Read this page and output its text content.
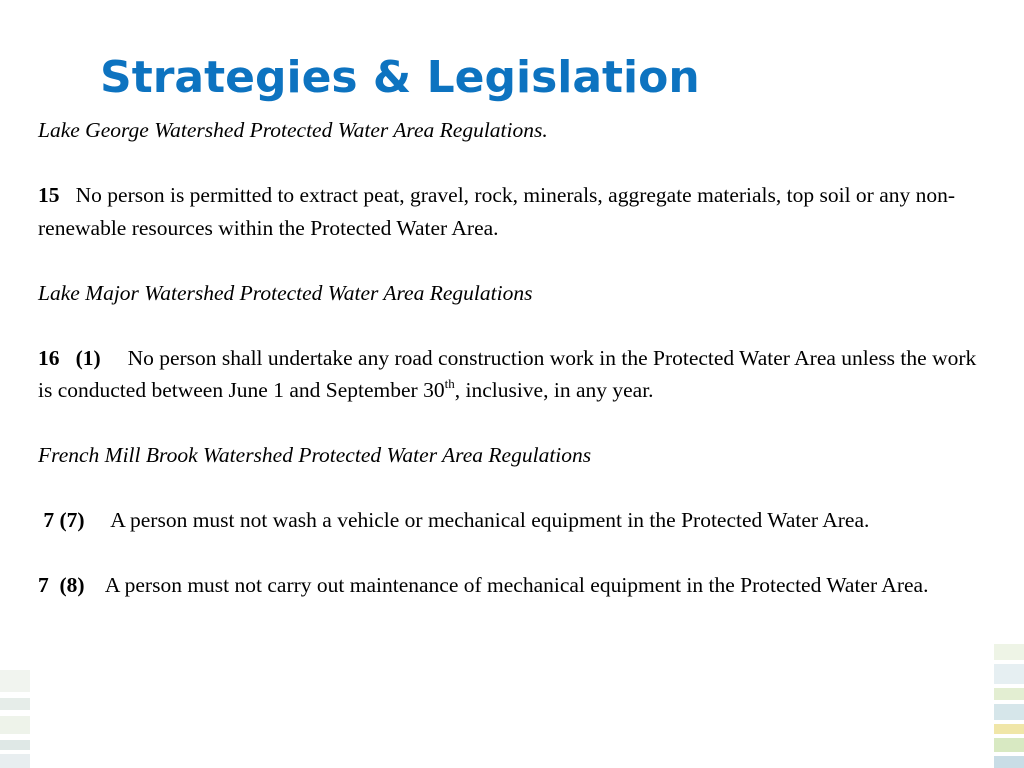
Strategies & Legislation

Lake George Watershed Protected Water Area Regulations.

15 No person is permitted to extract peat, gravel, rock, minerals, aggregate materials, top soil or any non-renewable resources within the Protected Water Area.

Lake Major Watershed Protected Water Area Regulations

16   (1) No person shall undertake any road construction work in the Protected Water Area unless the work is conducted between June 1 and September 30th, inclusive, in any year.

French Mill Brook Watershed Protected Water Area Regulations

7 (7) A person must not wash a vehicle or mechanical equipment in the Protected Water Area.

7  (8) A person must not carry out maintenance of mechanical equipment in the Protected Water Area.
